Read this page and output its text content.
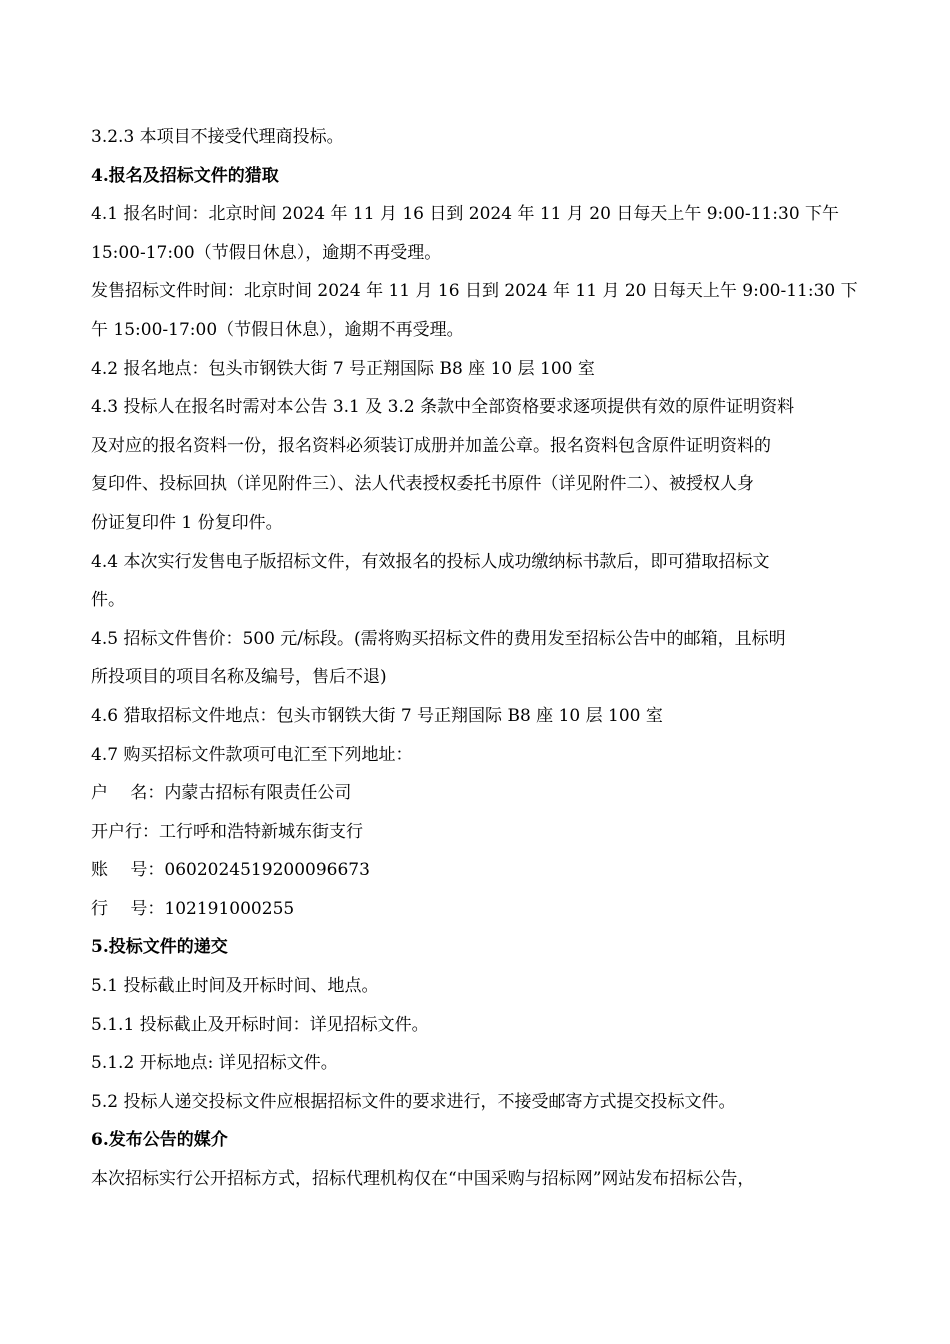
3.2.3 本项目不接受代理商投标。
4.报名及招标文件的猎取
4.1 报名时间：北京时间 2024 年 11 月 16 日到 2024 年 11 月 20 日每天上午 9:00-11:30 下午
15:00-17:00（节假日休息），逾期不再受理。
发售招标文件时间：北京时间 2024 年 11 月 16 日到 2024 年 11 月 20 日每天上午 9:00-11:30 下
午 15:00-17:00（节假日休息），逾期不再受理。
4.2 报名地点：包头市钢铁大街 7 号正翔国际 B8 座 10 层 100 室
4.3 投标人在报名时需对本公告 3.1 及 3.2 条款中全部资格要求逐项提供有效的原件证明资料
及对应的报名资料一份，报名资料必须装订成册并加盖公章。报名资料包含原件证明资料的
复印件、投标回执（详见附件三）、法人代表授权委托书原件（详见附件二）、被授权人身
份证复印件 1 份复印件。
4.4 本次实行发售电子版招标文件，有效报名的投标人成功缴纳标书款后，即可猎取招标文
件。
4.5 招标文件售价：500 元/标段。(需将购买招标文件的费用发至招标公告中的邮箱，且标明
所投项目的项目名称及编号，售后不退)
4.6 猎取招标文件地点：包头市钢铁大街 7 号正翔国际 B8 座 10 层 100 室
4.7 购买招标文件款项可电汇至下列地址：
户　 名：内蒙古招标有限责任公司
开户行：工行呼和浩特新城东街支行
账　 号：0602024519200096673
行　 号：102191000255
5.投标文件的递交
5.1 投标截止时间及开标时间、地点。
5.1.1 投标截止及开标时间：详见招标文件。
5.1.2 开标地点: 详见招标文件。
5.2 投标人递交投标文件应根据招标文件的要求进行，不接受邮寄方式提交投标文件。
6.发布公告的媒介
本次招标实行公开招标方式，招标代理机构仅在“中国采购与招标网”网站发布招标公告，
